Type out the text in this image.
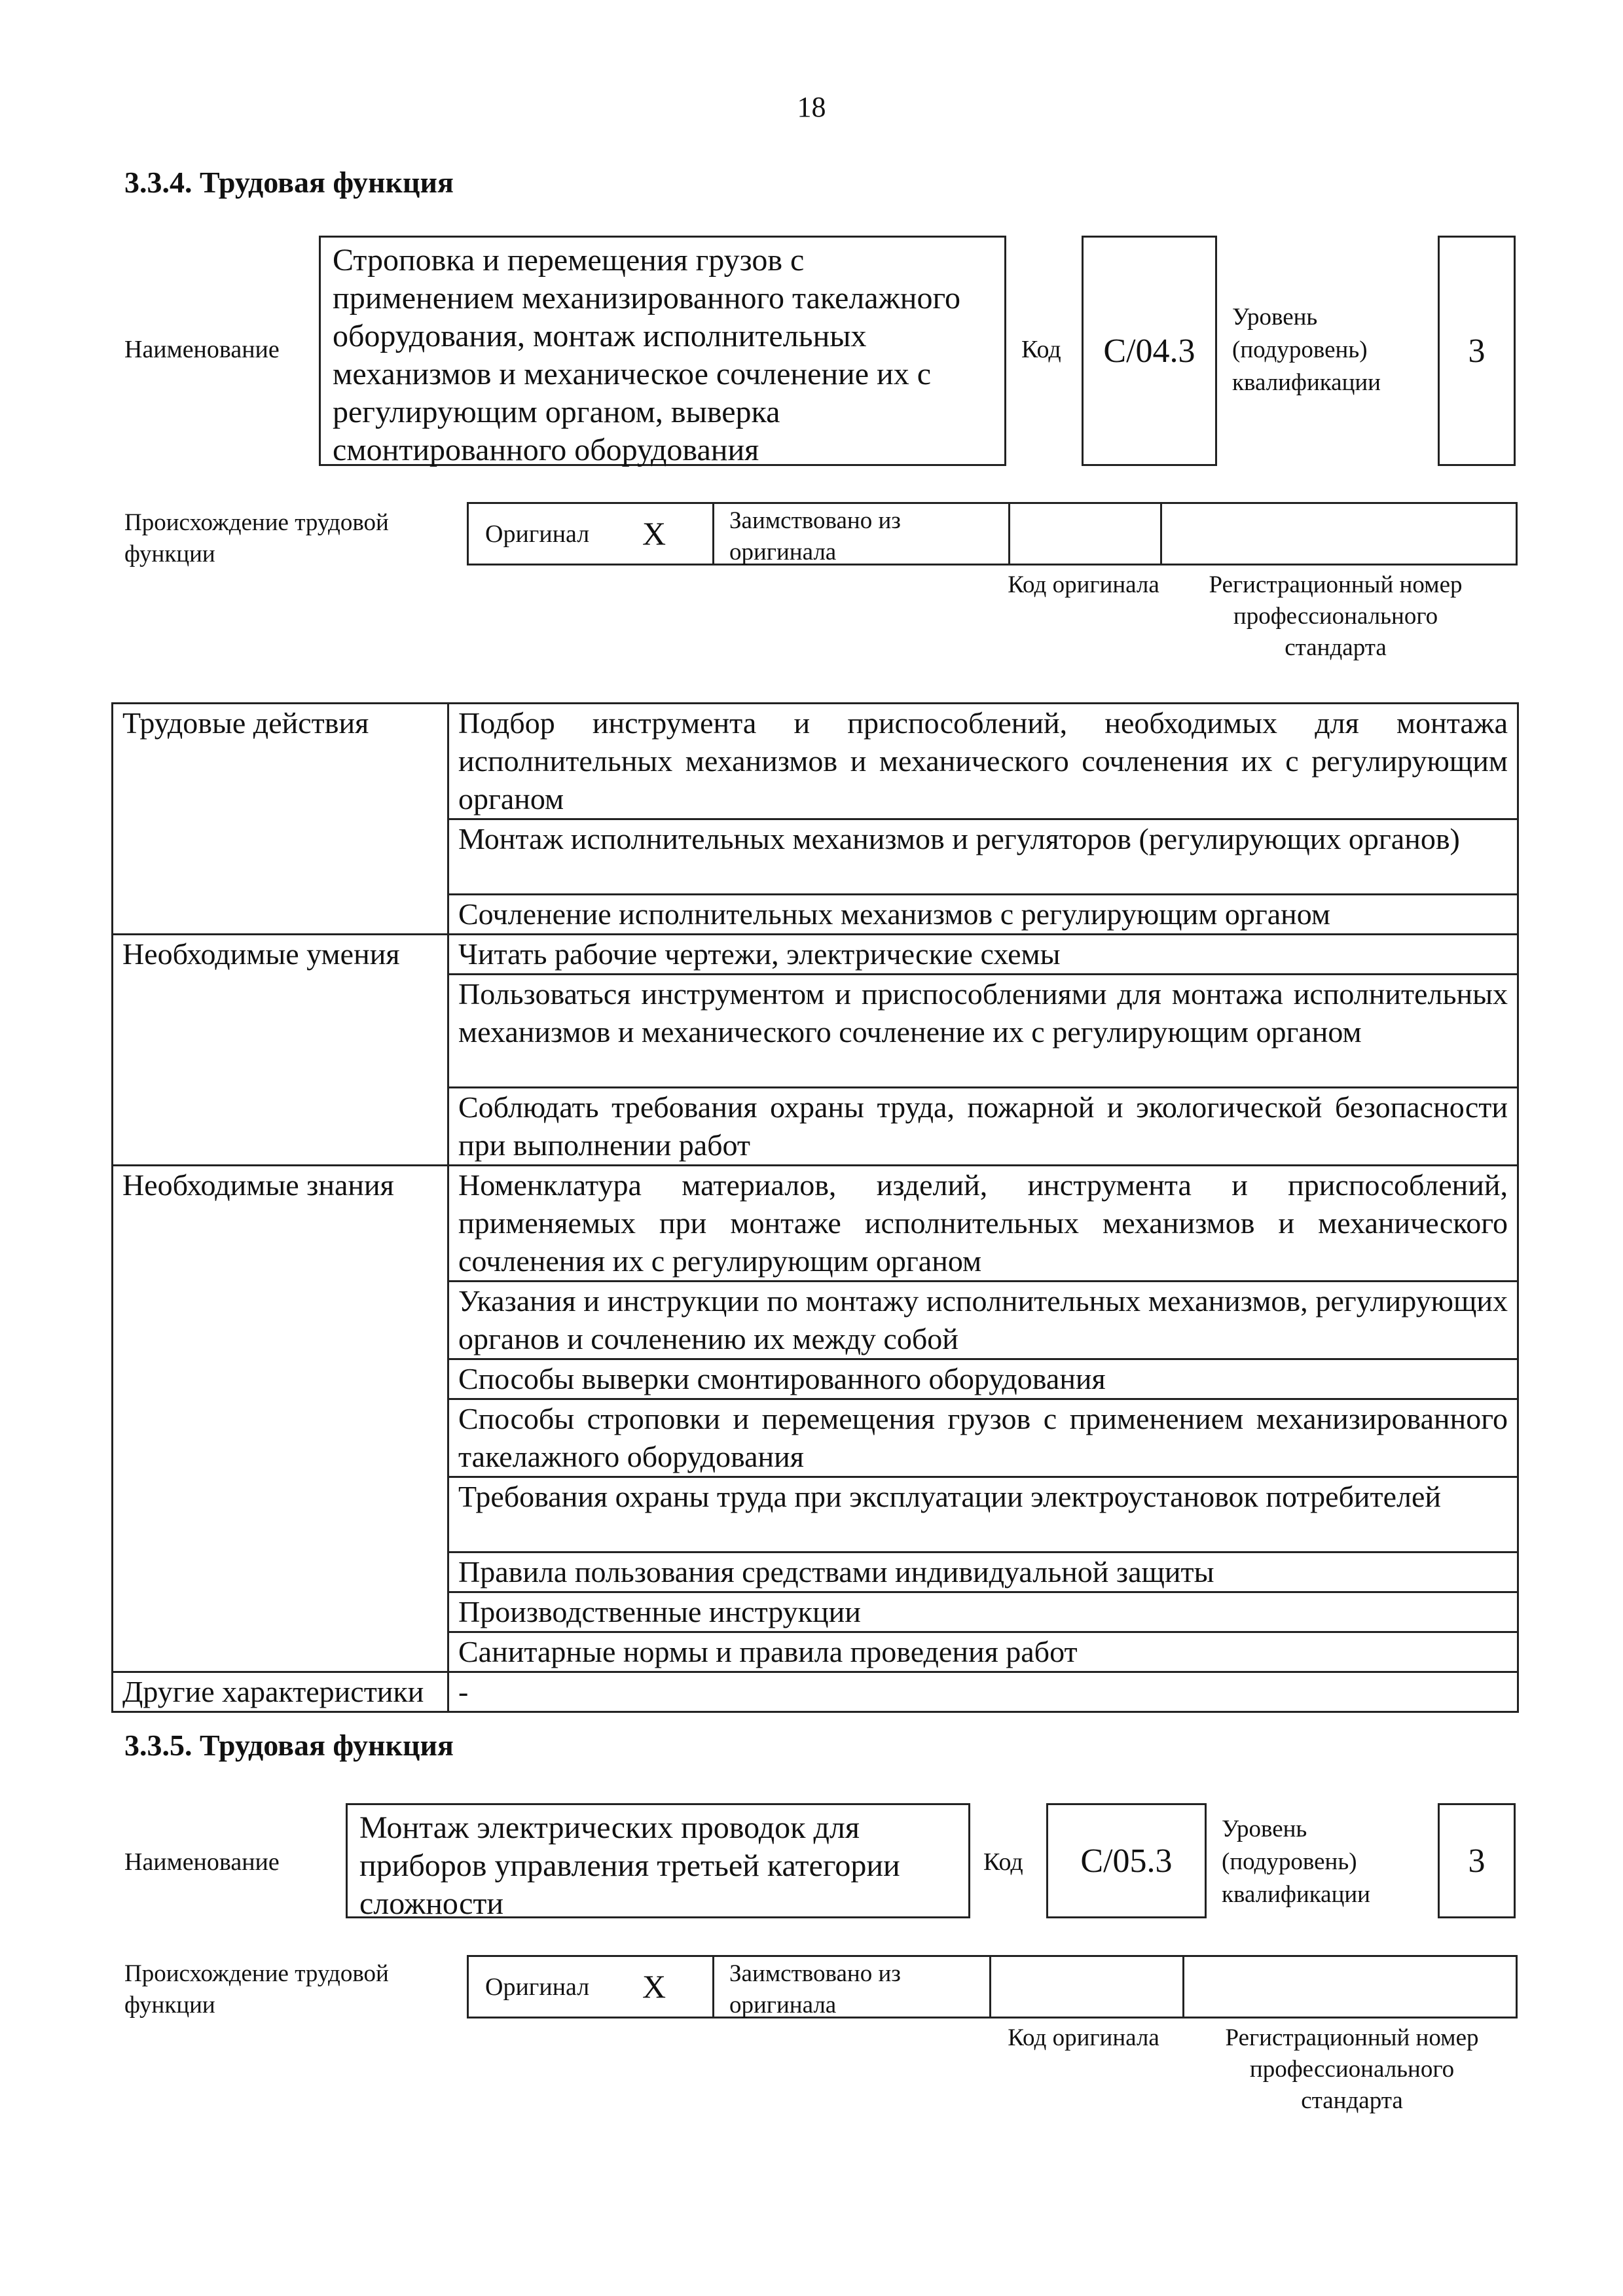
18
3.3.4. Трудовая функция
Наименование
Строповка и перемещения грузов с применением механизированного такелажного оборудования, монтаж исполнительных механизмов и механическое сочленение их с регулирующим органом, выверка смонтированного оборудования
Код C/04.3
Уровень (подуровень) квалификации
3
Происхождение трудовой функции
Оригинал X	Заимствовано из оригинала
Код оригинала	Регистрационный номер профессионального стандарта
Трудовые действия	Подбор инструмента и приспособлений, необходимых для монтажа исполнительных механизмов и механического сочленения их с регулирующим органом
	Монтаж исполнительных механизмов и регуляторов (регулирующих органов)
	Сочленение исполнительных механизмов с регулирующим органом
Необходимые умения	Читать рабочие чертежи, электрические схемы
	Пользоваться инструментом и приспособлениями для монтажа исполнительных механизмов и механического сочленение их с регулирующим органом
	Соблюдать требования охраны труда, пожарной и экологической безопасности при выполнении работ
Необходимые знания	Номенклатура материалов, изделий, инструмента и приспособлений, применяемых при монтаже исполнительных механизмов и механического сочленения их с регулирующим органом
	Указания и инструкции по монтажу исполнительных механизмов, регулирующих органов и сочленению их между собой
	Способы выверки смонтированного оборудования
	Способы строповки и перемещения грузов с применением механизированного такелажного оборудования
	Требования охраны труда при эксплуатации электроустановок потребителей
	Правила пользования средствами индивидуальной защиты
	Производственные инструкции
	Санитарные нормы и правила проведения работ
Другие характеристики	-
3.3.5. Трудовая функция
Наименование
Монтаж электрических проводок для приборов управления третьей категории сложности
Код C/05.3
Уровень (подуровень) квалификации
3
Происхождение трудовой функции
Оригинал X	Заимствовано из оригинала
Код оригинала	Регистрационный номер профессионального стандарта
